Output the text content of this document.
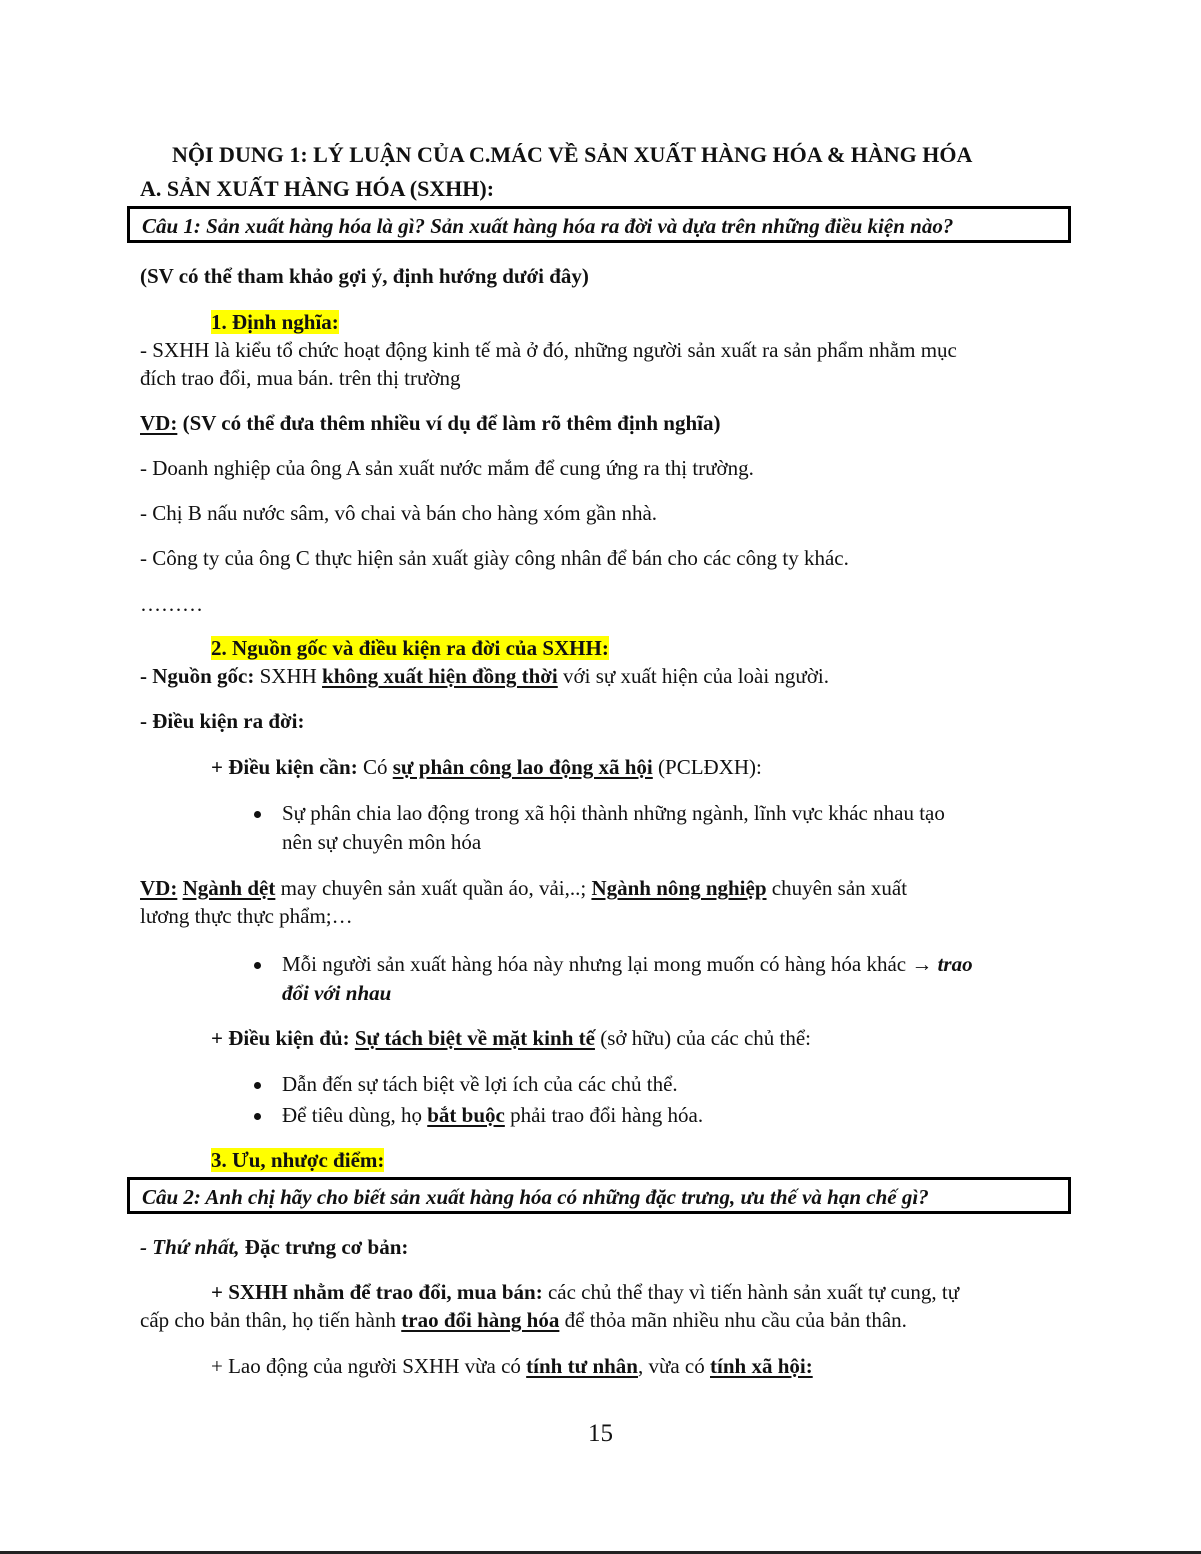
NỘI DUNG 1: LÝ LUẬN CỦA C.MÁC VỀ SẢN XUẤT HÀNG HÓA & HÀNG HÓA
A. SẢN XUẤT HÀNG HÓA (SXHH):
Câu 1: Sản xuất hàng hóa là gì? Sản xuất hàng hóa ra đời và dựa trên những điều kiện nào?
(SV có thể tham khảo gợi ý, định hướng dưới đây)
1. Định nghĩa:
- SXHH là kiểu tổ chức hoạt động kinh tế mà ở đó, những người sản xuất ra sản phẩm nhằm mục
đích trao đổi, mua bán. trên thị trường
VD: (SV có thể đưa thêm nhiều ví dụ để làm rõ thêm định nghĩa)
- Doanh nghiệp của ông A sản xuất nước mắm để cung ứng ra thị trường.
- Chị B nấu nước sâm, vô chai và bán cho hàng xóm gần nhà.
- Công ty của ông C thực hiện sản xuất giày công nhân để bán cho các công ty khác.
………
2. Nguồn gốc và điều kiện ra đời của SXHH:
- Nguồn gốc: SXHH không xuất hiện đồng thời với sự xuất hiện của loài người.
- Điều kiện ra đời:
+ Điều kiện cần: Có sự phân công lao động xã hội (PCLĐXH):
Sự phân chia lao động trong xã hội thành những ngành, lĩnh vực khác nhau tạo
nên sự chuyên môn hóa
VD: Ngành dệt may chuyên sản xuất quần áo, vải,..; Ngành nông nghiệp chuyên sản xuất
lương thực thực phẩm;…
Mỗi người sản xuất hàng hóa này nhưng lại mong muốn có hàng hóa khác → trao
đổi với nhau
+ Điều kiện đủ: Sự tách biệt về mặt kinh tế (sở hữu) của các chủ thể:
Dẫn đến sự tách biệt về lợi ích của các chủ thể.
Để tiêu dùng, họ bắt buộc phải trao đổi hàng hóa.
3. Ưu, nhược điểm:
Câu 2: Anh chị hãy cho biết sản xuất hàng hóa có những đặc trưng, ưu thế và hạn chế gì?
- Thứ nhất, Đặc trưng cơ bản:
+ SXHH nhằm để trao đổi, mua bán: các chủ thể thay vì tiến hành sản xuất tự cung, tự
cấp cho bản thân, họ tiến hành trao đổi hàng hóa để thỏa mãn nhiều nhu cầu của bản thân.
+ Lao động của người SXHH vừa có tính tư nhân, vừa có tính xã hội:
15
